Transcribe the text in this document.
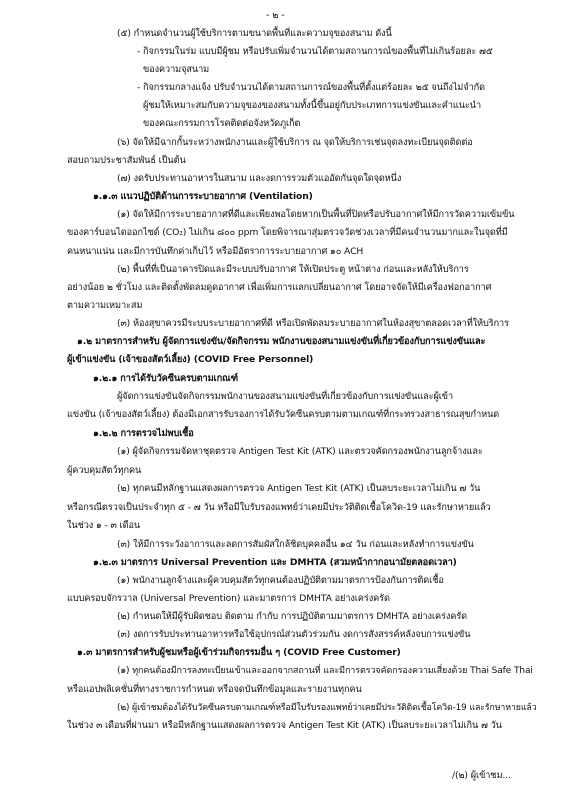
- ๒ -
(๕) กำหนดจำนวนผู้ใช้บริการตามขนาดพื้นที่และความจุของสนาม ดังนี้
- กิจกรรมในร่ม แบบมีผู้ชม หรือปรับเพิ่มจำนวนได้ตามสถานการณ์ของพื้นที่ไม่เกินร้อยละ ๗๕
ของความจุสนาม
- กิจกรรมกลางแจ้ง ปรับจำนวนได้ตามสถานการณ์ของพื้นที่ตั้งแต่ร้อยละ ๒๕ จนถึงไม่จำกัด
ผู้ชมให้เหมาะสมกับความจุของของสนามทั้งนี้ขึ้นอยู่กับประเภทการแข่งขันและคำแนะนำ
ของคณะกรรมการโรคติดต่อจังหวัดภูเก็ต
(๖) จัดให้มีฉากกั้นระหว่างพนักงานและผู้ใช้บริการ ณ จุดให้บริการเช่นจุดลงทะเบียนจุดติดต่อ
สอบถามประชาสัมพันธ์ เป็นต้น
(๗) งดรับประทานอาหารในสนาม และงดการรวมตัวแออัดกันจุดใดจุดหนึ่ง
๑.๑.๓ แนวปฏิบัติด้านการระบายอากาศ (Ventilation)
(๑) จัดให้มีการระบายอากาศที่ดีและเพียงพอโดยหากเป็นพื้นที่ปิดหรือปรับอากาศให้มีการวัดความเข้มข้น
ของคาร์บอนไดออกไซด์ (CO₂) ไม่เกิน ๘๐๐ ppm โดยพิจารณาสุ่มตรวจวัดช่วงเวลาที่มีคนจำนวนมากและในจุดที่มี
คนหนาแน่น และมีการบันทึกค่าเก็บไว้ หรือมีอัตราการระบายอากาศ ๑๐ ACH
(๒) พื้นที่ที่เป็นอาคารปิดและมีระบบปรับอากาศ ให้เปิดประตู หน้าต่าง ก่อนและหลังให้บริการ
อย่างน้อย ๒ ชั่วโมง และติดตั้งพัดลมดูดอากาศ เพื่อเพิ่มการแลกเปลี่ยนอากาศ โดยอาจจัดให้มีเครื่องฟอกอากาศ
ตามความเหมาะสม
(๓) ห้องสุขาควรมีระบบระบายอากาศที่ดี หรือเปิดพัดลมระบายอากาศในห้องสุขาตลอดเวลาที่ให้บริการ
๑.๒ มาตรการสำหรับ ผู้จัดการแข่งขัน/จัดกิจกรรม พนักงานของสนามแข่งขันที่เกี่ยวข้องกับการแข่งขันและ
ผู้เข้าแข่งขัน (เจ้าของสัตว์เลี้ยง) (COVID Free Personnel)
๑.๒.๑ การได้รับวัคซีนครบตามเกณฑ์
ผู้จัดการแข่งขันจัดกิจกรรมพนักงานของสนามแข่งขันที่เกี่ยวข้องกับการแข่งขันและผู้เข้า
แข่งขัน (เจ้าของสัตว์เลี้ยง) ต้องมีเอกสารรับรองการได้รับวัคซีนครบตามตามเกณฑ์ที่กระทรวงสาธารณสุขกำหนด
๑.๒.๒ การตรวจไม่พบเชื้อ
(๑) ผู้จัดกิจกรรมจัดหาชุดตรวจ Antigen Test Kit (ATK) และตรวจคัดกรองพนักงานลูกจ้างและ
ผู้ควบคุมสัตว์ทุกคน
(๒) ทุกคนมีหลักฐานแสดงผลการตรวจ Antigen Test Kit (ATK) เป็นลบระยะเวลาไม่เกิน ๗ วัน
หรือกรณีตรวจเป็นประจำทุก ๕ - ๗ วัน หรือมีใบรับรองแพทย์ว่าเคยมีประวัติติดเชื้อโควิด-19 และรักษาหายแล้ว
ในช่วง ๑ - ๓ เดือน
(๓) ให้มีการระวังอาการและลดการสัมผัสใกล้ชิดบุคคลอื่น ๑๔ วัน ก่อนและหลังทำการแข่งขัน
๑.๒.๓ มาตรการ Universal Prevention และ DMHTA (สวมหน้ากากอนามัยตลอดเวลา)
(๑) พนักงานลูกจ้างและผู้ควบคุมสัตว์ทุกคนต้องปฏิบัติตามมาตรการป้องกันการติดเชื้อ
แบบครอบจักรวาล (Universal Prevention) และมาตรการ DMHTA อย่างเคร่งครัด
(๒) กำหนดให้มีผู้รับผิดชอบ ติดตาม กำกับ การปฏิบัติตามมาตรการ DMHTA อย่างเคร่งครัด
(๓) งดการรับประทานอาหารหรือใช้อุปกรณ์ส่วนตัวร่วมกัน งดการสังสรรค์หลังจบการแข่งขัน
๑.๓ มาตรการสำหรับผู้ชมหรือผู้เข้าร่วมกิจกรรมอื่น ๆ (COVID Free Customer)
(๑) ทุกคนต้องมีการลงทะเบียนเข้าและออกจากสถานที่ และมีการตรวจคัดกรองความเสี่ยงด้วย Thai Safe Thai
หรือแอปพลิเคชั่นที่ทางราชการกำหนด หรือจดบันทึกข้อมูลและรายงานทุกคน
(๒) ผู้เข้าชมต้องได้รับวัคซีนครบตามเกณฑ์หรือมีใบรับรองแพทย์ว่าเคยมีประวัติติดเชื้อโควิด-19 และรักษาหายแล้ว
ในช่วง ๓ เดือนที่ผ่านมา หรือมีหลักฐานแสดงผลการตรวจ Antigen Test Kit (ATK) เป็นลบระยะเวลาไม่เกิน ๗ วัน
/(๒) ผู้เข้าชม...
